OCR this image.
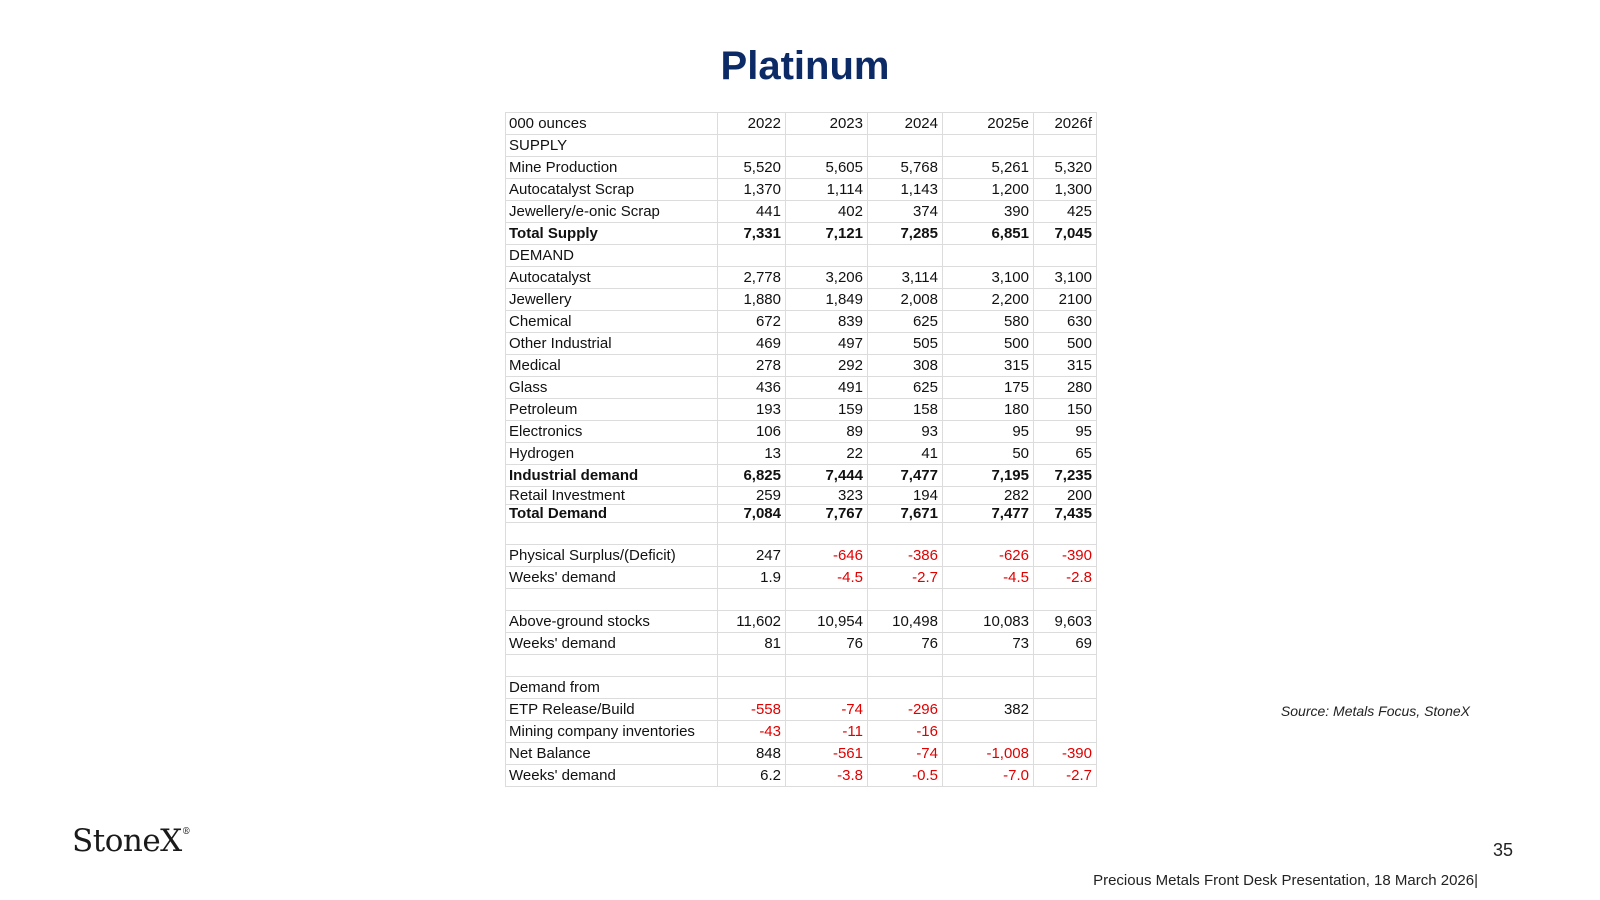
Platinum
000 ounces	2022	2023	2024	2025e	2026f
SUPPLY					
Mine Production	5,520	5,605	5,768	5,261	5,320
Autocatalyst Scrap	1,370	1,114	1,143	1,200	1,300
Jewellery/e-onic Scrap	441	402	374	390	425
Total Supply	7,331	7,121	7,285	6,851	7,045
DEMAND					
Autocatalyst	2,778	3,206	3,114	3,100	3,100
Jewellery	1,880	1,849	2,008	2,200	2100
Chemical	672	839	625	580	630
Other Industrial	469	497	505	500	500
Medical	278	292	308	315	315
Glass	436	491	625	175	280
Petroleum	193	159	158	180	150
Electronics	106	89	93	95	95
Hydrogen	13	22	41	50	65
Industrial demand	6,825	7,444	7,477	7,195	7,235
Retail Investment	259	323	194	282	200
Total Demand	7,084	7,767	7,671	7,477	7,435

Physical Surplus/(Deficit)	247	-646	-386	-626	-390
Weeks' demand	1.9	-4.5	-2.7	-4.5	-2.8

Above-ground stocks	11,602	10,954	10,498	10,083	9,603
Weeks' demand	81	76	76	73	69

Demand from					
ETP Release/Build	-558	-74	-296	382	
Mining company inventories	-43	-11	-16		
Net Balance	848	-561	-74	-1,008	-390
Weeks' demand	6.2	-3.8	-0.5	-7.0	-2.7
Source: Metals Focus, StoneX
StoneX®
35
Precious Metals Front Desk Presentation, 18 March 2026|
